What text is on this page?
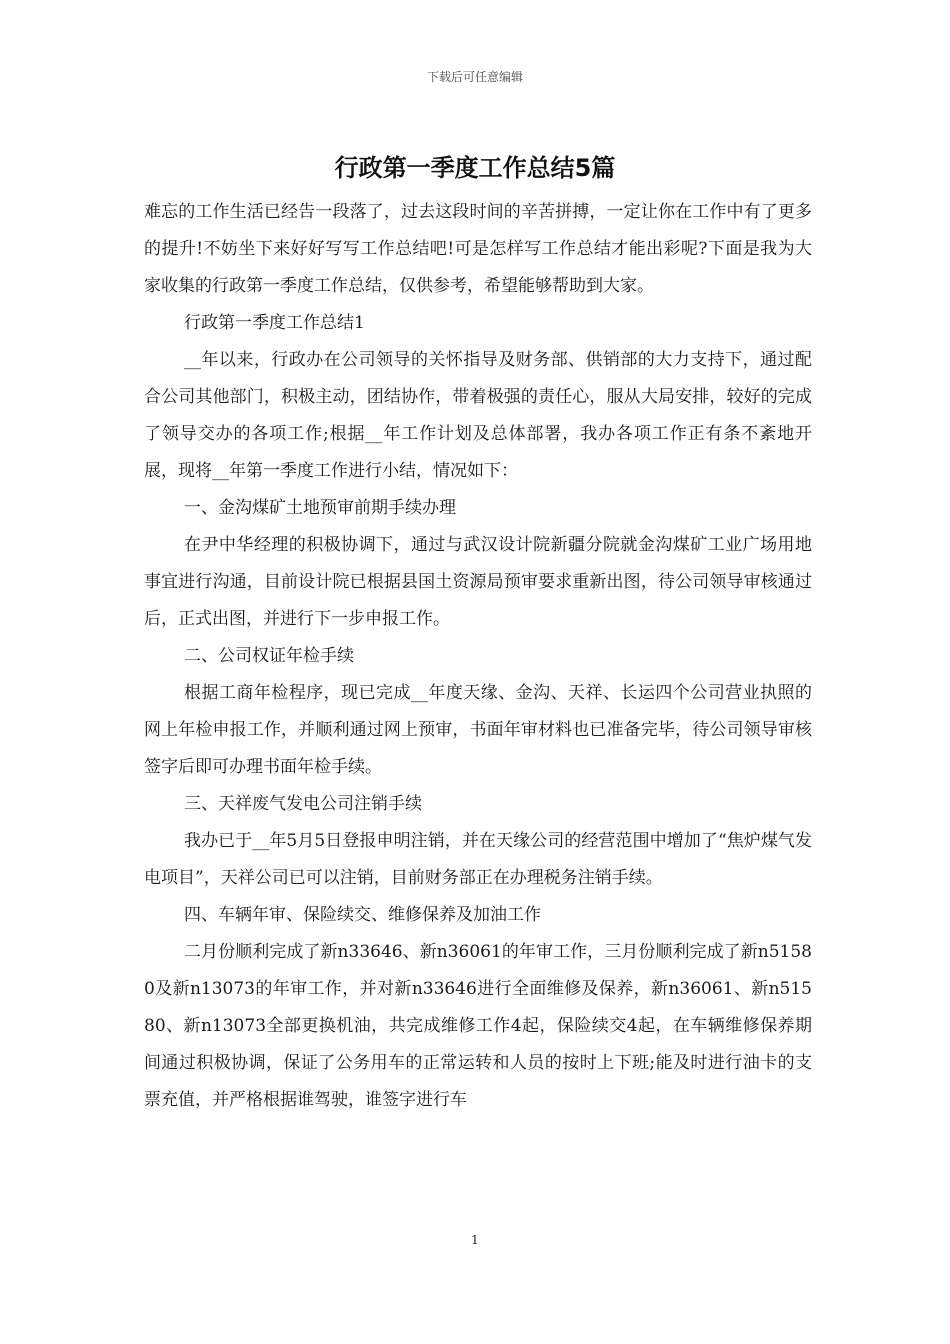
下载后可任意编辑
行政第一季度工作总结5篇

难忘的工作生活已经告一段落了，过去这段时间的辛苦拼搏，一定让你在工作中有了更多的提升!不妨坐下来好好写写工作总结吧!可是怎样写工作总结才能出彩呢?下面是我为大家收集的行政第一季度工作总结，仅供参考，希望能够帮助到大家。

行政第一季度工作总结1

__年以来，行政办在公司领导的关怀指导及财务部、供销部的大力支持下，通过配合公司其他部门，积极主动，团结协作，带着极强的责任心，服从大局安排，较好的完成了领导交办的各项工作;根据__年工作计划及总体部署，我办各项工作正有条不紊地开展，现将__年第一季度工作进行小结，情况如下：

一、金沟煤矿土地预审前期手续办理

在尹中华经理的积极协调下，通过与武汉设计院新疆分院就金沟煤矿工业广场用地事宜进行沟通，目前设计院已根据县国土资源局预审要求重新出图，待公司领导审核通过后，正式出图，并进行下一步申报工作。

二、公司权证年检手续

根据工商年检程序，现已完成__年度天缘、金沟、天祥、长运四个公司营业执照的网上年检申报工作，并顺利通过网上预审，书面年审材料也已准备完毕，待公司领导审核签字后即可办理书面年检手续。

三、天祥废气发电公司注销手续

我办已于__年5月5日登报申明注销，并在天缘公司的经营范围中增加了“焦炉煤气发电项目”，天祥公司已可以注销，目前财务部正在办理税务注销手续。

四、车辆年审、保险续交、维修保养及加油工作

二月份顺利完成了新n33646、新n36061的年审工作，三月份顺利完成了新n51580及新n13073的年审工作，并对新n33646进行全面维修及保养，新n36061、新n51580、新n13073全部更换机油，共完成维修工作4起，保险续交4起，在车辆维修保养期间通过积极协调，保证了公务用车的正常运转和人员的按时上下班;能及时进行油卡的支票充值，并严格根据谁驾驶，谁签字进行车

1
